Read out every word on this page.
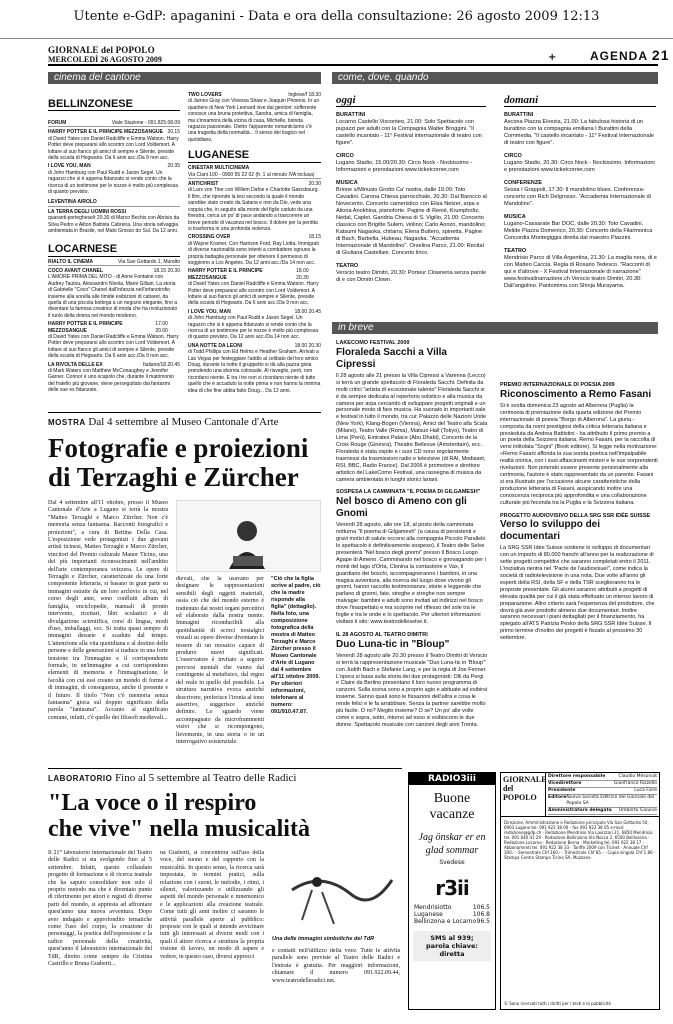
Utente e-GdP: apaganini - Data e ora della consultazione: 26 agosto 2009 12:13
GIORNALE del POPOLO
MERCOLEDÌ 26 AGOSTO 2009	+	AGENDA 21
cinema del cantone	come, dove, quando
BELLINZONESE
FORUM	Viale Stazione - 091.825.08.09
HARRY POTTER E IL PRINCIPE MEZZOSANGUE 20.15
di David Yates con Daniel Radcliffe e Emma Watson. Harry Potter deve prepararsi allo scontro con Lord Voldemort. A lottare al suo fianco gli amici di sempre e Silente, preside della scuola di Hogwarts. Da 6 anni acc./Da 9 non acc.
I LOVE YOU, MAN	20.35
di John Hamburg con Paul Rudd e Jason Segel. Un ragazzo che si è appena fidanzato si rende conto che la ricerca di un testimone per le nozze è molto più complessa di quanto previsto.
LEVENTINA AIROLO
LA TERRA DEGLI UOMINI ROSSI
quaranti-porteghese/t 20.30 di Marco Bechis con Abrisio da Silva Pedro e Ailton Battista Cabreira. Una storia selvaggia ambientata in Brasile, nel Mato Grosso do Sul. Da 12 anni.
LOCARNESE
RIALTO IL CINEMA	Via San Gottardo 1, Muralto
COCO AVANT CHANEL	18.15 20.30
L'AMORE PRIMA DEL MITO - di Anne Fontaine con Audrey Tautou, Alessandro Nivola, Marie Gillain. La storia di Gabrielle "Coco" Chanel dall'infanzia nell'orfanotrofio insieme alla sorella alle timide esibizioni di cabaret, da quella di una piccola bottega a un negozio elegante, fino a diventare la famosa creatrice di moda che ha rivoluzionato il ruolo della donna nel mondo moderno.
HARRY POTTER E IL PRINCIPE MEZZOSANGUE
17.00 20.00
di David Yates con Daniel Radcliffe e Emma Watson. Harry Potter deve prepararsi allo scontro con Lord Voldemort. A lottare al suo fianco gli amici di sempre e Silente, preside della scuola di Hogwarts. Da 6 anni acc./Da 9 non acc.
LA RIVOLTA DELLE EX	Italiano/18.20.45
di Mark Waters con Matthew McConaughey e Jennifer Garner. Connor è uno scapolo che, durante il matrimonio del fratello più giovane, viene perseguitato dai fantasmi delle sue ex fidanzate.
TWO LOVERS	Inglese/f 18.30
di James Gray con Vinessa Shaw e Joaquin Phoenix. In un quartiere di New York Leonard vive dai genitori: sofferente conosce una bruna protettiva, Sandra, amica di famiglia, ma s'innamora della vicina di casa, Michelle, bionda ragazza passionale. Dietro l'apparente romanticismo c'è una tragedia della normalità... Il senso del tragico nel quotidiano.
LUGANESE
CINESTAR MULTICINEMA
Via Clani 100 - 0900 55 22 02 (fr. 1 al minuto IVA inclusa)
ANTICHRIST	20.30
di Lars von Trier con Willem Dafoe e Charlotte Gainsbourg. Il film, che riprende la tesi secondo la quale il mondo sarebbe stato creato da Satana e non da Dio, vede una coppia che, in seguito alla morte del figlio caduto da una finestra, cerca un po' di pace andando a trascorrere un breve periodo di vacanza nel bosco. Il dolore per la perdita si trasforma in una profonda violenza.
CROSSING OVER	18.15
di Wayne Kramer. Con Harrison Ford, Ray Liotta. Immigrati di diverse nazionalità sono intenti a combattere ognuno la propria battaglia personale per ottenere il permesso di soggiorno a Los Angeles. Da 12 anni acc./Da 14 non acc.
HARRY POTTER E IL PRINCIPE MEZZOSANGUE
18.00 20.30
di David Yates con Daniel Radcliffe e Emma Watson. Harry Potter deve prepararsi allo scontro con Lord Voldemort. A lottare al suo fianco gli amici di sempre e Silente, preside della scuola di Hogwarts. Da 6 anni acc./Da 9 non acc.
I LOVE YOU, MAN	18.00 20.45
di John Hamburg con Paul Rudd e Jason Segel. Un ragazzo che si è appena fidanzato si rende conto che la ricerca di un testimone per le nozze è molto più complessa di quanto previsto. Da 12 anni acc./Da 14 non acc.
UNA NOTTE DA LEONI	18.00 20.30
di Todd Phillips con Ed Helms e Heather Graham. Arrivati a Las Vegas per festeggiare l'addio al celibato del loro amico Doug, durante la notte il gruppetto si dà alla pazza gioia prendendo una sbornia colossale. Al risveglio, però, non ricordano niente. E tra i tre non si ricordano niente di tutto quello che è accaduto la notte prima e non hanno la minima idea di che fine abbia fatto Doug... Da 12 anni.
oggi	domani
BURATTINI
Locarno Castello Visconteo, 21.00: Solo Spettacolo con pupazzi per adulti con la Compagnia Walter Broggini. "Il castello incantato - 11° Festival internazionale di teatro con figure".
CIRCO
Lugano Stadio, 15.00/20.30: Circo Nock - Nockissimo - Informazioni e prenotazioni www.ticketcorner.com
MUSICA
Brione s/Minusio Grotto Ca' nostra, dalle 19.00: Toto Cavadini. Carona Chiesa parrocchiale, 20.30: Dal Barocco al Novecento. Concerto cameristico con Elisa Netzer, arpa e Aliona Anokhina, pianoforte. Pagine di Renié, Krumpholtz, Nedal, Caplet. Gandria Chiesa di S. Vigilio, 21.00: Concerto classico con Brigitte Sulem, violino; Carlo Aonzo, mandolino; Katsumi Nagaoka, chitarra; Elena Buttero, spinetta. Pagine di Bach, Barbella, Hubeau, Nagaoka. "Accademia Internazionale di Mandolino". Orselina Parco, 21.00: Recital di Giuliana Castellani. Concerto lirico.
TEATRO
Verscio teatro Dimitri, 20.30: Porteur Clowneria senza parole di e con Dimitri Clown.
BURATTINI
Ascona Piazza Elvezia, 21.00: La fabulosa historia di un burattino con la compagnia emiliana I Burattini della Commedia. "Il castello incantato - 11° Festival internazionale di teatro con figure".
CIRCO
Lugano Stadio, 20.30: Circo Nock - Nockissimo. Informazioni e prenotazioni www.ticketcorner.com
CONFERENZE
Sessa I Grappoli, 17.30: Il mandolino blues. Conferenza-concerto con Rich Delgrosso. "Accademia Internazionale di Mandolino".
MUSICA
Lugano-Cassarate Bar DOC, dalle 20.30: Toto Cavadini. Melide Piazza Domenico, 20.30: Concerto della Filarmonica Concordia Montegiggia diretta dal maestro Piazzini.
TEATRO
Mendrisio Parco di Villa Argentina, 21.30: La maglia nera, di e con Matteo Caccia. Regia di Rosario Tedesco. "Racconti di qui e d'altrove - X Festival Internazionale di narrazione" www.festivalinarrazione.ch Verscio teatro Dimitri, 20.30: Dall'angolino. Pantomima con Shinja Murayama.
in breve
LAKECOMO FESTIVAL 2009
Floraleda Sacchi a Villa Cipressi
Il 28 agosto alle 21 presso la Villa Cipressi a Varenna (Lecco) si terrà un grande spettacolo di Floraleda Sacchi. Definita da molti critici "artista di eccezionale talento" Floraleda Sacchi si è da sempre dedicata al repertorio solistico e alla musica da camera per arpa cercando di sviluppare progetti originali e un personale modo di fare musica. Ha suonato in importanti sale e festival in tutto il mondo, tra cui: Palazzo delle Nazioni Unite (New York), Klang-Bogen (Vienna), Amici del Teatro alla Scala (Milano), Teatro Valle (Roma), Matsuo Hall (Tokyo), Teatro di Lima (Perù), Emirates Palace (Abu Dhabi), Concerts de la Croix Rouge (Ginevra), Theatre Bellevue (Amsterdam), ecc. Floraleda è stata ospite e i suoi CD sono regolarmente trasmessi da trasmissioni radio e televisive (di RAI, Mediaset, RSI, BBC, Radio France). Dal 2006 è promotore e direttore artistico del LakeComo Festival, una rassegna di musica da camera ambientata in luoghi storici lariani.
SOSPESA LA CAMMINATA "IL POEMA DI GILGAMESH"
Nel bosco di Ameno con gli Gnomi
Venerdì 28 agosto, alle ore 18, al posto della camminata notturna "Il poema di Gilgamesh" (a causa di persistenti e gravi motivi di salute occorsi alla compagnia Piccolo Parallelo lo spettacolo è definitivamente sospeso), il Teatro delle Selve presenterà "Nel bosco degli gnomi" presso Il Bosco Luogo Agape di Ameno. Camminando nel bosco e girovagando per i monti del lago d'Orta, Clonina la contastorie e Vax, il guardiano dei boschi, accompagneranno i bambini, in una magica avventura, alla ricerca del luogo dove vivono gli gnomi, hanno raccolto testimonianze, storie e leggende che parlano di gnomi, fate, streghe e streghe non sempre malvagie: bambini e adulti sono invitati ad indirizzi nel bosco dove l'inaspettato e ma scoprire nel riflesso del sole tra le foglie e tra le onde e lo spettacolo. Per ulteriori informazioni visitare il sito: www.teatrodelleselve.it.
IL 28 AGOSTO AL TEATRO DIMITRI
Duo Luna-tic in "Bloup"
Venerdì 28 agosto alle 20.30 presso il Teatro Dimitri di Verscio si terrà la rappresentazione musicale "Duo Luna-tic in 'Bloup'" con Judith Bach e Stefanie Lang, e per la regia di Joe Fenner. L'opera si basa sulla storia dei due protagonisti: Olli da Pergi e Claire da Berlino presentano il loro nuovo programma di canzoni. Sulla scena sono a proprio agio e abituate ad esibirsi insieme. Sanno quali sono le fissazioni dell'altra e cosa le rende felici e le fa arrabbiare. Senza la partner sarebbe molto più facile. O no? Meglio insieme? O se? Un po' alle volte come e sopra, sotto, intorno ad esso si esibiscono le due donne. Spettacolo musicale con canzoni degli anni Trenta.
PREMIO INTERNAZIONALE DI POESIA 2009
Riconoscimento a Remo Fasani
Si è svolta domenica 23 agosto ad Alberona (Puglia) la cerimonia di premiazione della quarta edizione del Premio internazionale di poesia "Borgo di Alberona". La giuria - composta da nomi prestigiosi della critica letteraria italiana e presieduta da Andrea Battistini - ha attribuito il primo premio a un poeta della Svizzera italiana, Remo Fasani, per la raccolta di versi intitolata "Sogni" (Book editore). Si legge nella motivazione: «Remo Fasani affonda la sua sonda poetica nell'impalpabile realtà onirica, con i suoi affascinanti misteri e le sue sorprendenti rivelazioni. Non potendo essere presente personalmente alla cerimonia, l'autore è stato rappresentato da un parente. Fasani si era illustrato per l'occasione alcune caratteristiche della produzione letteraria di Fasani, auspicando inoltre una conoscenza reciproca più approfondita e una collaborazione culturale più feconda tra la Puglia e la Svizzera italiana.
PROGETTO AUDIOVISIVO DELLA SRG SSR IDÉE SUISSE
Verso lo sviluppo dei documentari
La SRG SSR Idée Suisse sostiene lo sviluppo di documentari con un importo di 80.000 franchi all'anno per la realizzazione di sette progetti competitivi che saranno completati entro il 2011. L'iniziativa rientra nel "Pacte de l'audiovisuel", come indica la società di radiotelevisione in una nota. Due volte all'anno gli esperti della RSI, della SF e della TSR sceglieranno tra le proposte presentate. Gli alunni saranno attribuiti a progetti di elevata qualità per cui il già stata effettuato un intenso lavoro di preparazione. Altro criterio sarà l'esperienza del produttore, che dovrà già aver prodotto almeno due documentari. Inoltre saranno necessari i piani dettagliati per il finanziamento, ha spiegato all'ATS Patrizia Pesko della SRG SSR Idée Suisse. Il primo termine d'inoltro dei progetti è fissato al prossimo 30 settembre.
MOSTRA Dal 4 settembre al Museo Cantonale d'Arte
Fotografie e proiezioni di Terzaghi e Zürcher
Dal 4 settembre all'11 ottobre, presso il Museo Cantonale d'Arte a Lugano si terrà la mostra "Matteo Terzaghi e Marco Zürcher. Non c'è memoria senza fantasma. Racconti fotografici e proiezioni", a cura di Bettina Della Casa. L'esposizione vede protagonisti i due giovani artisti ticinesi, Matteo Terzaghi e Marco Zürcher, vincitori del Premio culturale Manor Ticino, uno dei più importanti riconoscimenti nell'ambito dell'arte contemporanea svizzera. Le opere di Terzaghi e Zürcher, caratterizzate da una forte componente letteraria, si basano in gran parte su immagini estratte da un loro archivio in cui, nel corso degli anni, sono confluiti album di famiglia, enciclopedie, manuali di pronto intervento, ricettari, libri scolastici e di divulgazione scientifica, corsi di lingua, modi d'uso, imballaggi, ecc. Si tratta quasi sempre di immagini desuete e scaduto dal tempo. L'attenzione alla vita quotidiana e al destino delle persone e delle generazioni si traduce in una forte tensione tra l'immagine e il corrispondente formale, in un'immagine a cui corrispondono elementi di memoria e l'immaginazione, le facoltà con cui essi creano un mondo di forme e di immagini, di conseguenza, anche il presente e il futuro. Il titolo "Non c'è memoria senza fantasma" gioca sul doppio significato della parola "fantasma". Accanto al significato comune, infatti, c'è quello dei filosofi medievali...
dievali, che la usavano per designare le rappresentazioni sensibili degli oggetti materiali, ossia ciò che del mondo esterno è trattenuto dai nostri organi percettivi ed elaborato dalla nostra mente. Immagini riconducibili alla quotidianità di scorci nostalgici visuali su opere diverse diventano le tessere di un mosaico capace di produrre nuovi significati. L'osservatore è invitato a seguire percorsi mentali che vanno dal contingente al metafisico, dal regno del reale in quello del possibile. La struttura narrativa evoca anziché descrivere, preferisce l'ironia al tono assertivo, suggerisce anziché definire. Lo sguardo viene accompagnato da microframmenti visivi che si ricompongono, lievemente, in una storia o in un interrogativo esistenziale.
"Ciò che la figlia scrive al padre, ciò che la madre risponde alla figlia" (dettaglio). Nella foto, una composizione fotografica della mostra di Matteo Terzaghi e Marco Zürcher presso il Museo Cantonale d'Arte di Lugano dal 4 settembre all'11 ottobre 2009. Per ulteriori informazioni, telefonare al numero: 091/910.47.87.
LABORATORIO Fino al 5 settembre al Teatro delle Radici
"La voce o il respiro
che vive" nella musicalità
Il 21° laboratorio internazionale del Teatro delle Radici si sta svolgendo fino al 5 settembre. Infatti, questo collaudato progetto di formazione e di ricerca teatrale che ha saputo consolidare non solo il proprio metodo ma che è diventato punto di riferimento per attori e registi di diverse parti del mondo, si appresta ad affrontare quest'anno una nuova avventura. Dopo aver indagato e approfondito tematiche come l'uso del corpo, la creazione di personaggi, la poetica dell'espressione e la radice personale della creatività, quest'anno il laboratorio internazionale del TdR, diretto come sempre da Cristina Castrillo e Bruna Gusberti...
na Gusberti, si concentrerà sull'uso della voce, del suono e del rapporto con la musicalità. In questo senso, la ricerca sarà impostata, in termini pratici, sulla relazione con i suoni, le melodie, i ritmi, i silenzi, valorizzando e utilizzando gli aspetti del mondo personale e mnemonico e le applicazioni alla creazione teatrale. Come tutti gli anni inoltre ci saranno le attività parallele aperte al pubblico: proposte con le quali si intende avvicinare tutti gli interessati ai diversi modi con i quali il attore ricerca e struttura la propria visione di lavoro, un modo di sapere e vedere, in questo caso, diversi approcci
Una delle immagini simboliche del TdR
e contatti nell'utilizzo della voce. Tutte le attività parallele sono previste al Teatro delle Radici e l'entrata è gratuita. Per maggiori informazioni, chiamare il numero 091.922.09.44, www.teatrodelleradici.net.
RADIO3iii
Buone
vacanze
Jag önskar er en
glad sommar
Svedese
r3ii
Mendrisiotto	106.5
Luganese	106.8
Bellinzona e Locarno 96.5
SMS al 939;
parola chiave: diretta
GIORNALE del POPOLO
Direttore responsabile	Claudio Mésoniat
Vicedirettore	Gianfranco Rizzello
Presidente	Luca Fiore
Editore Nuova Società Editrice del Giornale del Popolo SA
Amministratore delegato Umberto Giovine
Direzione, Amministrazione e Redazione principale Via San Gottardo 50, 6903 Lugano tel. 091 922 38 00 - fax 091 922 38 05 e-mail: redazione@gdp.ch · Redazione Mendrisio Via Lavizzari 21, 6850 Mendrisio tel. 091 640 41 29 · Redazione Bellinzona Via Nocca 2, 6500 Bellinzona · Redazione Locarno · Redazione Berna · Marketing tel. 091 922 38 17 · Abbonamenti tel. 091 922 38 33 · Tariffe 2009 con Ticinet · Annuale Chf 300.- · Semestrale Chf 160.- · Trimestrale Chf 85.- · Copia singola Chf 1.80 · Stampa Centro Stampa Ticino SA, Muzzano
© Sono riservati tutti i diritti per i testi e la pubblicità
